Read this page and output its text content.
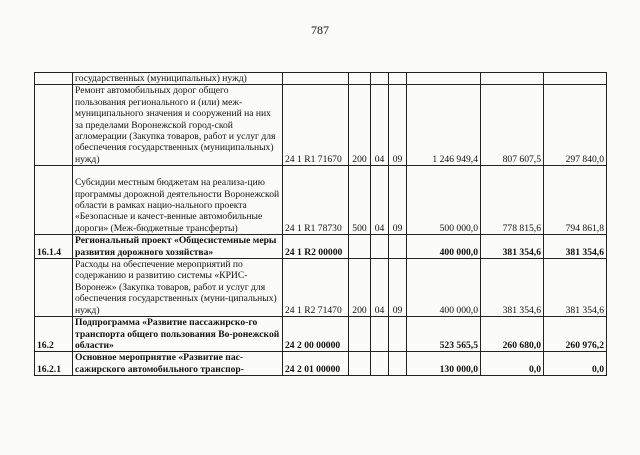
787
	государственных (муниципальных) нужд)							
	Ремонт автомобильных дорог общего пользования регионального и (или) меж-муниципального значения и сооружений на них за пределами Воронежской город-ской агломерации (Закупка товаров, работ и услуг для обеспечения государственных (муниципальных) нужд)	24 1 R1 71670	200	04	09	1 246 949,4	807 607,5	297 840,0
	Субсидии местным бюджетам на реализа-цию программы дорожной деятельности Воронежской области в рамках нацио-нального проекта «Безопасные и качест-венные автомобильные дороги» (Меж-бюджетные трансферты)	24 1 R1 78730	500	04	09	500 000,0	778 815,6	794 861,8
16.1.4	Региональный проект «Общесистемные меры развития дорожного хозяйства»	24 1 R2 00000				400 000,0	381 354,6	381 354,6
	Расходы на обеспечение мероприятий по содержанию и развитию системы «КРИС-Воронеж» (Закупка товаров, работ и услуг для обеспечения государственных (муни-ципальных) нужд)	24 1 R2 71470	200	04	09	400 000,0	381 354,6	381 354,6
16.2	Подпрограмма «Развитие пассажирско-го транспорта общего пользования Во-ронежской области»	24 2 00 00000				523 565,5	260 680,0	260 976,2
16.2.1	Основное мероприятие «Развитие пас-сажирского автомобильного транспор-	24 2 01 00000				130 000,0	0,0	0,0
